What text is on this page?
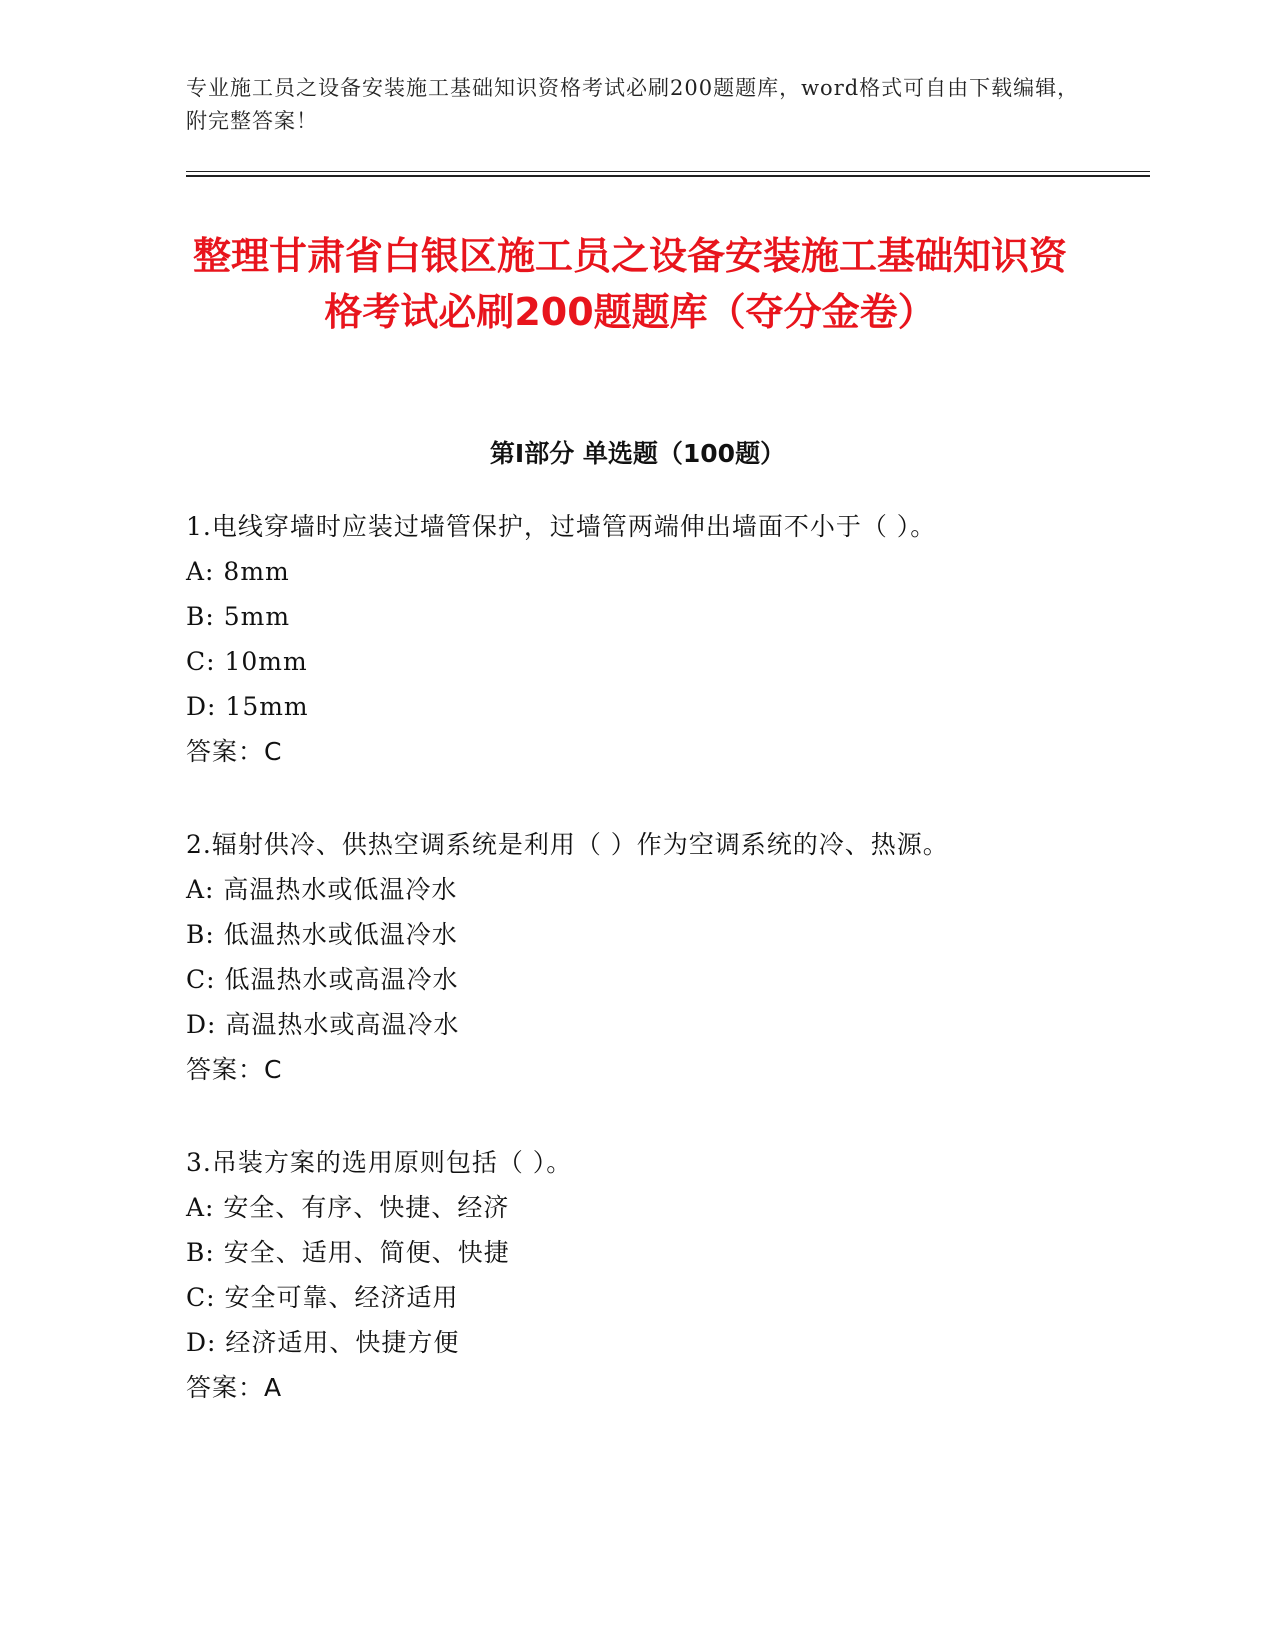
专业施工员之设备安装施工基础知识资格考试必刷200题题库，word格式可自由下载编辑，附完整答案！
整理甘肃省白银区施工员之设备安装施工基础知识资格考试必刷200题题库（夺分金卷）
第I部分 单选题（100题）
1.电线穿墙时应装过墙管保护，过墙管两端伸出墙面不小于（ ）。
A: 8mm
B: 5mm
C: 10mm
D: 15mm
答案：C
2.辐射供冷、供热空调系统是利用（ ）作为空调系统的冷、热源。
A: 高温热水或低温冷水
B: 低温热水或低温冷水
C: 低温热水或高温冷水
D: 高温热水或高温冷水
答案：C
3.吊装方案的选用原则包括（ ）。
A: 安全、有序、快捷、经济
B: 安全、适用、简便、快捷
C: 安全可靠、经济适用
D: 经济适用、快捷方便
答案：A
